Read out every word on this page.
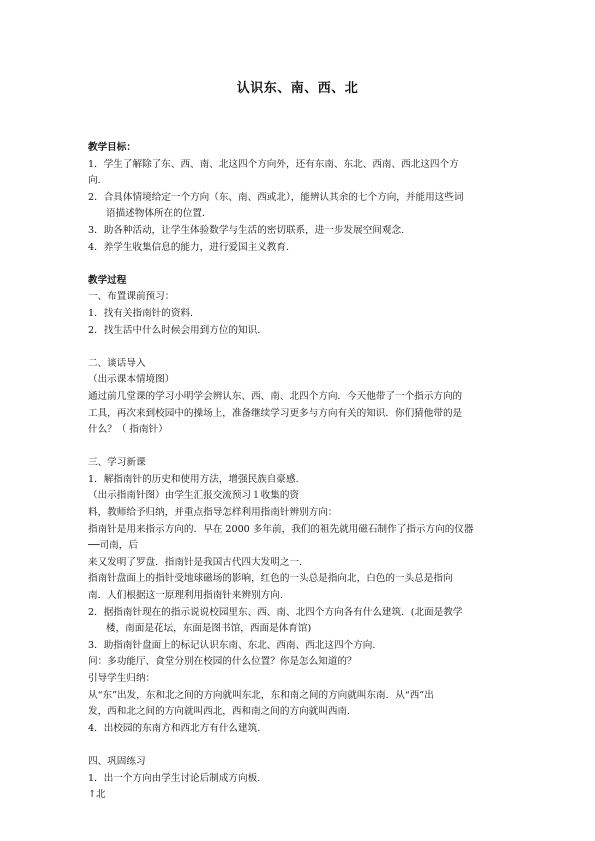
认识东、南、西、北
教学目标：
1．学生了解除了东、西、南、北这四个方向外，还有东南、东北、西南、西北这四个方
向.
2．合具体情境给定一个方向（东、南、西或北），能辨认其余的七个方向，并能用这些词
语描述物体所在的位置.
3．助各种活动，让学生体验数学与生活的密切联系，进一步发展空间观念.
4．养学生收集信息的能力，进行爱国主义教育.
教学过程
一、布置课前预习：
1．找有关指南针的资料.
2．找生活中什么时候会用到方位的知识.
二、谈话导入
（出示课本情境图）
通过前几堂课的学习小明学会辨认东、西、南、北四个方向．今天他带了一个指示方向的
工具，再次来到校园中的操场上，准备继续学习更多与方向有关的知识．你们猜他带的是
什么？（ 指南针）
三、学习新课
1．解指南针的历史和使用方法，增强民族自豪感.
（出示指南针图）由学生汇报交流预习１收集的资
料，教师给予归纳，并重点指导怎样利用指南针辨别方向：
指南针是用来指示方向的．早在 2000 多年前，我们的祖先就用磁石制作了指示方向的仪器
──司南，后
来又发明了罗盘．指南针是我国古代四大发明之一.
指南针盘面上的指针受地球磁场的影响，红色的一头总是指向北，白色的一头总是指向
南．人们根据这一原理利用指南针来辨别方向.
2．据指南针现在的指示说说校园里东、西、南、北四个方向各有什么建筑．(北面是教学
楼，南面是花坛，东面是图书馆，西面是体育馆)
3．助指南针盘面上的标记认识东南、东北、西南、西北这四个方向.
问：多功能厅、食堂分别在校园的什么位置？你是怎么知道的？
引导学生归纳：
从“东”出发，东和北之间的方向就叫东北，东和南之间的方向就叫东南．从“西”出
发，西和北之间的方向就叫西北，西和南之间的方向就叫西南.
4．出校园的东南方和西北方有什么建筑.
四、巩固练习
1．出一个方向由学生讨论后制成方向板.
↑北
